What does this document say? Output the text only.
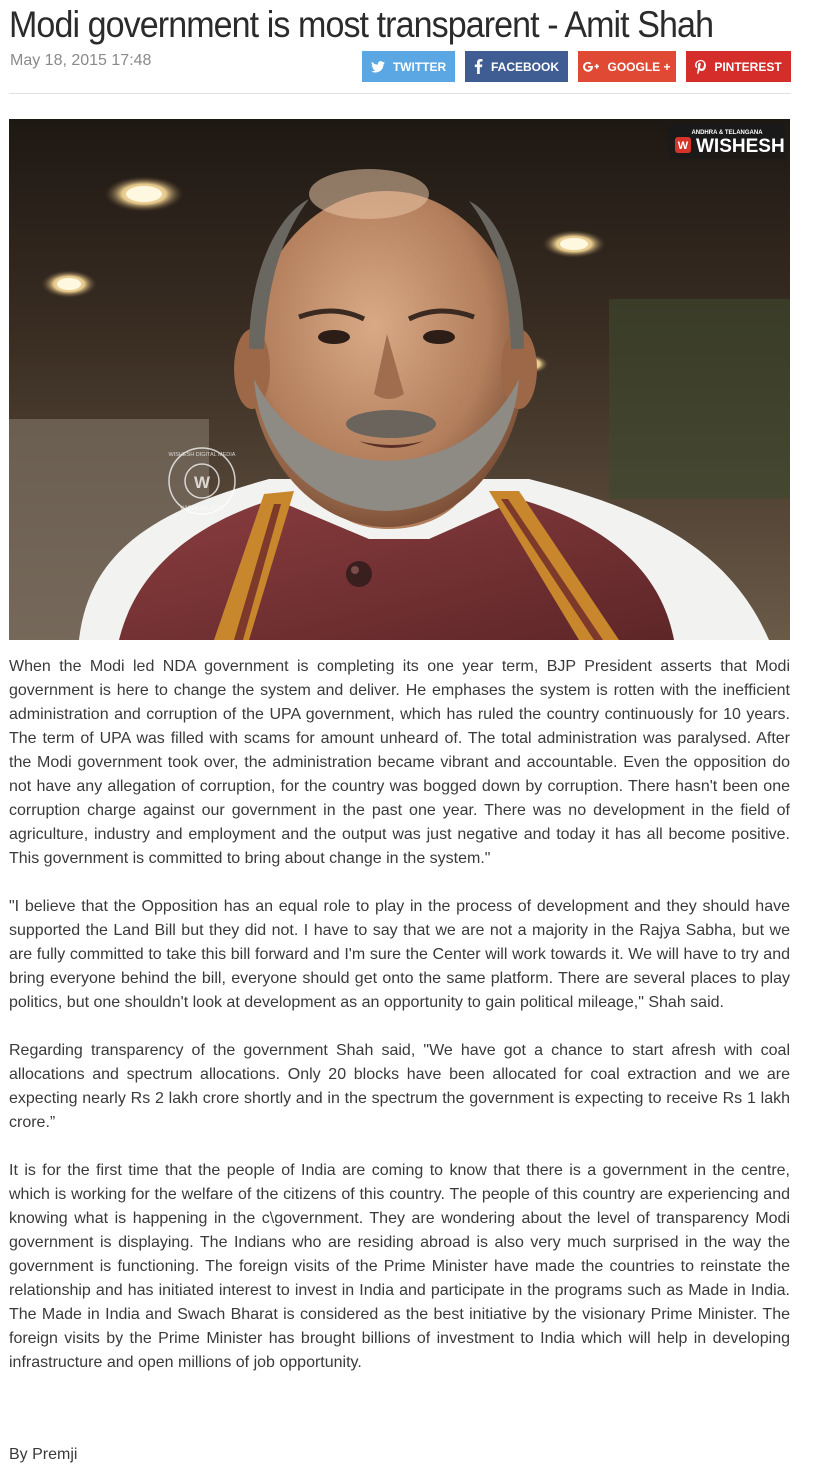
Modi government is most transparent - Amit Shah
May 18, 2015 17:48	TWITTER	FACEBOOK	GOOGLE +	PINTEREST
ANDHRA & TELANGANA
W WISHESH
W
WISHESH DIGITAL MEDIA
WISHESH.COM

When the Modi led NDA government is completing its one year term, BJP President asserts that Modi government is here to change the system and deliver. He emphases the system is rotten with the inefficient administration and corruption of the UPA government, which has ruled the country continuously for 10 years. The term of UPA was filled with scams for amount unheard of. The total administration was paralysed. After the Modi government took over, the administration became vibrant and accountable. Even the opposition do not have any allegation of corruption, for the country was bogged down by corruption. There hasn't been one corruption charge against our government in the past one year. There was no development in the field of agriculture, industry and employment and the output was just negative and today it has all become positive. This government is committed to bring about change in the system."

"I believe that the Opposition has an equal role to play in the process of development and they should have supported the Land Bill but they did not. I have to say that we are not a majority in the Rajya Sabha, but we are fully committed to take this bill forward and I'm sure the Center will work towards it. We will have to try and bring everyone behind the bill, everyone should get onto the same platform. There are several places to play politics, but one shouldn't look at development as an opportunity to gain political mileage," Shah said.

Regarding transparency of the government Shah said, "We have got a chance to start afresh with coal allocations and spectrum allocations. Only 20 blocks have been allocated for coal extraction and we are expecting nearly Rs 2 lakh crore shortly and in the spectrum the government is expecting to receive Rs 1 lakh crore.”

It is for the first time that the people of India are coming to know that there is a government in the centre, which is working for the welfare of the citizens of this country. The people of this country are experiencing and knowing what is happening in the c\government. They are wondering about the level of transparency Modi government is displaying. The Indians who are residing abroad is also very much surprised in the way the government is functioning. The foreign visits of the Prime Minister have made the countries to reinstate the relationship and has initiated interest to invest in India and participate in the programs such as Made in India. The Made in India and Swach Bharat is considered as the best initiative by the visionary Prime Minister. The foreign visits by the Prime Minister has brought billions of investment to India which will help in developing infrastructure and open millions of job opportunity.

By Premji
